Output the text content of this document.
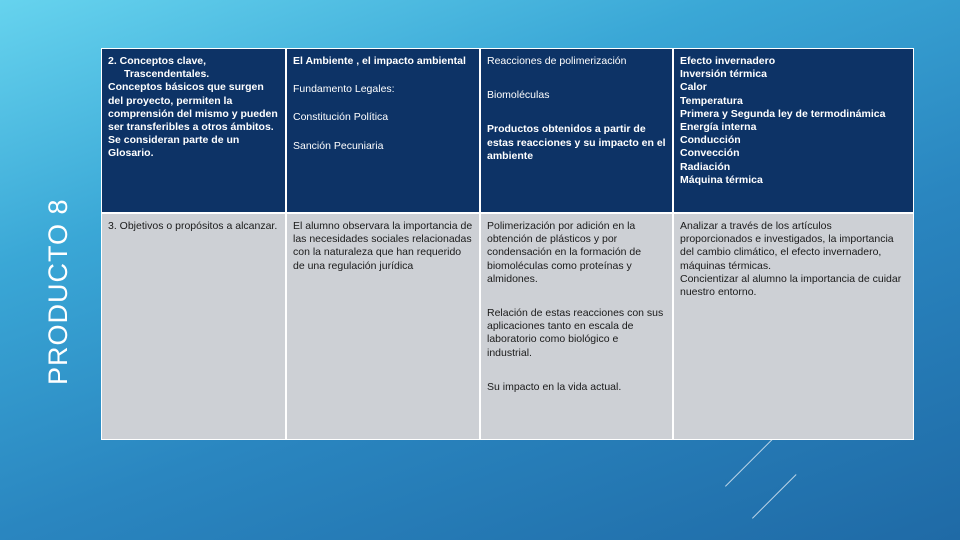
PRODUCTO 8

2. Conceptos clave,

Trascendentales.

Conceptos básicos que surgen del proyecto, permiten la comprensión del mismo y pueden ser transferibles a otros ámbitos.

Se consideran parte de un Glosario.

El Ambiente , el impacto ambiental

Fundamento Legales:

Constitución Política

Sanción Pecuniaria

Reacciones de polimerización

Biomoléculas

Productos obtenidos a partir de estas reacciones y su impacto en el ambiente

Efecto invernadero

Inversión térmica

Calor

Temperatura

Primera y Segunda ley de termodinámica

Energía interna

Conducción

Convección

Radiación

Máquina térmica

3. Objetivos o propósitos a alcanzar. El alumno observara la importancia de las necesidades sociales relacionadas con la naturaleza que han requerido de una regulación jurídica

Polimerización por adición en la obtención de plásticos y por condensación en la formación de biomoléculas como proteínas y almidones.

Relación de estas reacciones con sus aplicaciones tanto en escala de laboratorio como biológico e industrial.

Su impacto en la vida actual.

Analizar a través de los artículos proporcionados e investigados, la importancia del cambio climático, el efecto invernadero, máquinas térmicas.

Concientizar al alumno la importancia de cuidar nuestro entorno.
